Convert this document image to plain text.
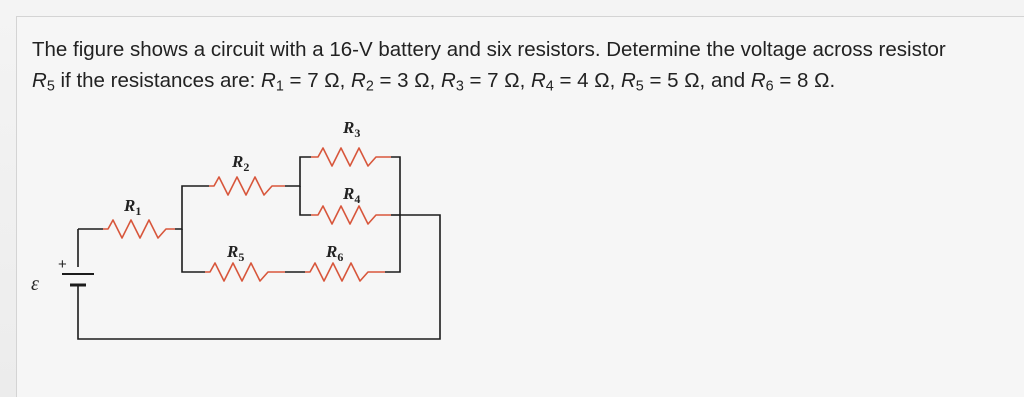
The figure shows a circuit with a 16-V battery and six resistors. Determine the voltage across resistor
$R_5$ if the resistances are: $R_1 = 7$ Ω, $R_2 = 3$ Ω, $R_3 = 7$ Ω, $R_4 = 4$ Ω, $R_5 = 5$ Ω, and $R_6 = 8$ Ω.

+
ε
$R_1$
$R_2$
$R_3$
$R_4$
$R_5$	$R_6$
